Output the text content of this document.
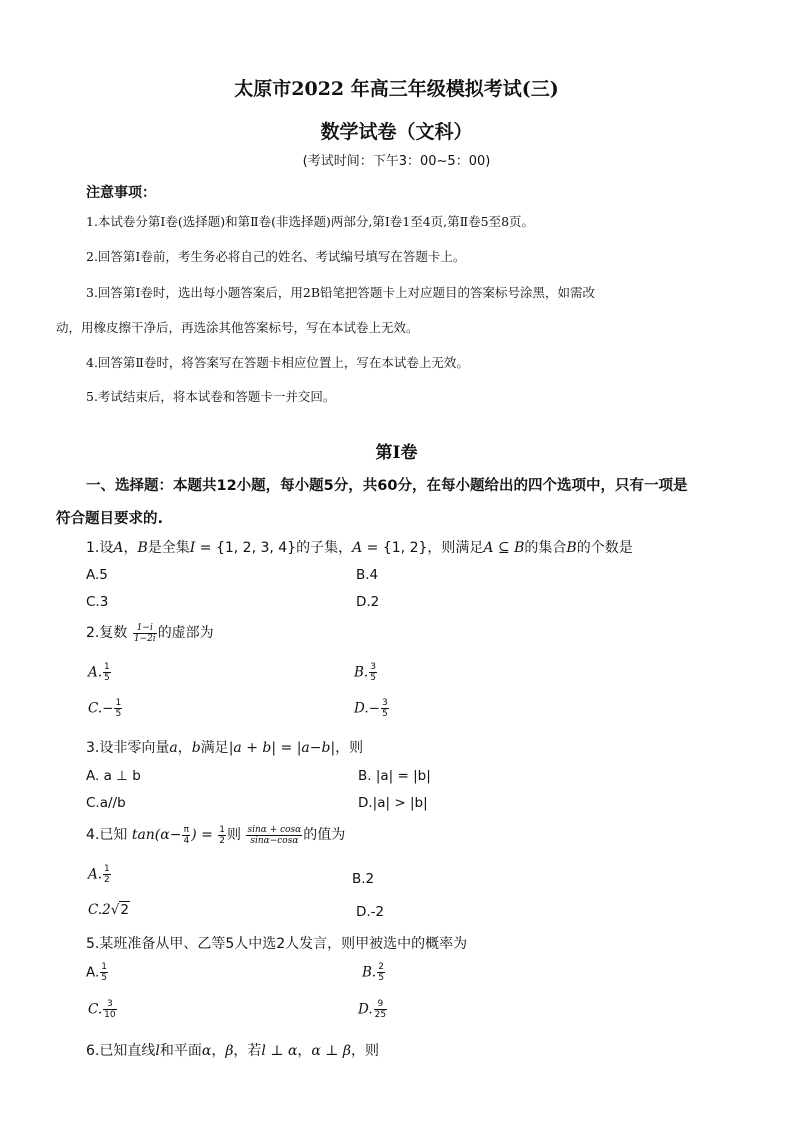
太原市2022 年高三年级模拟考试(三)
数学试卷（文科）
(考试时间：下午3：00~5：00)
注意事项：
1.本试卷分第Ⅰ卷(选择题)和第Ⅱ卷(非选择题)两部分,第Ⅰ卷1至4页,第Ⅱ卷5至8页。
2.回答第Ⅰ卷前，考生务必将自己的姓名、考试编号填写在答题卡上。
3.回答第Ⅰ卷时，选出每小题答案后，用2B铅笔把答题卡上对应题目的答案标号涂黑，如需改
动，用橡皮擦干净后，再选涂其他答案标号，写在本试卷上无效。
4.回答第Ⅱ卷时，将答案写在答题卡相应位置上，写在本试卷上无效。
5.考试结束后，将本试卷和答题卡一并交回。
第Ⅰ卷
一、选择题：本题共12小题，每小题5分，共60分，在每小题给出的四个选项中，只有一项是
符合题目要求的.
1.设A，B是全集I = {1, 2, 3, 4}的子集，A = {1, 2}，则满足A ⊆ B的集合B的个数是
A.5	B.4
C.3	D.2
2.复数 $\frac{1-i}{1-2i}$ 的虚部为
A. $\frac{1}{5}$	B. $\frac{3}{5}$
$C.- \frac{1}{5}$	$D.- \frac{3}{5}$
3.设非零向量a，b满足|a + b| = |a−b|，则
A. a ⊥ b	B. |a| = |b|
C.a//b	D.|a| > |b|
4.已知 $\tan(\alpha- \frac{\pi}{4}$ ) = $\frac{1}{2}$ 则 $\frac{\sin\alpha + \cos\alpha}{\sin\alpha-\cos\alpha}$ 的值为
A. $\frac{1}{2}$	B.2
C.2√2	D.-2
5.某班准备从甲、乙等5人中选2人发言，则甲被选中的概率为
A. $\frac{1}{5}$	B. $\frac{2}{5}$
C. $\frac{3}{10}$	D. $\frac{9}{25}$
6.已知直线l和平面α，β，若l ⊥ α，α ⊥ β，则
